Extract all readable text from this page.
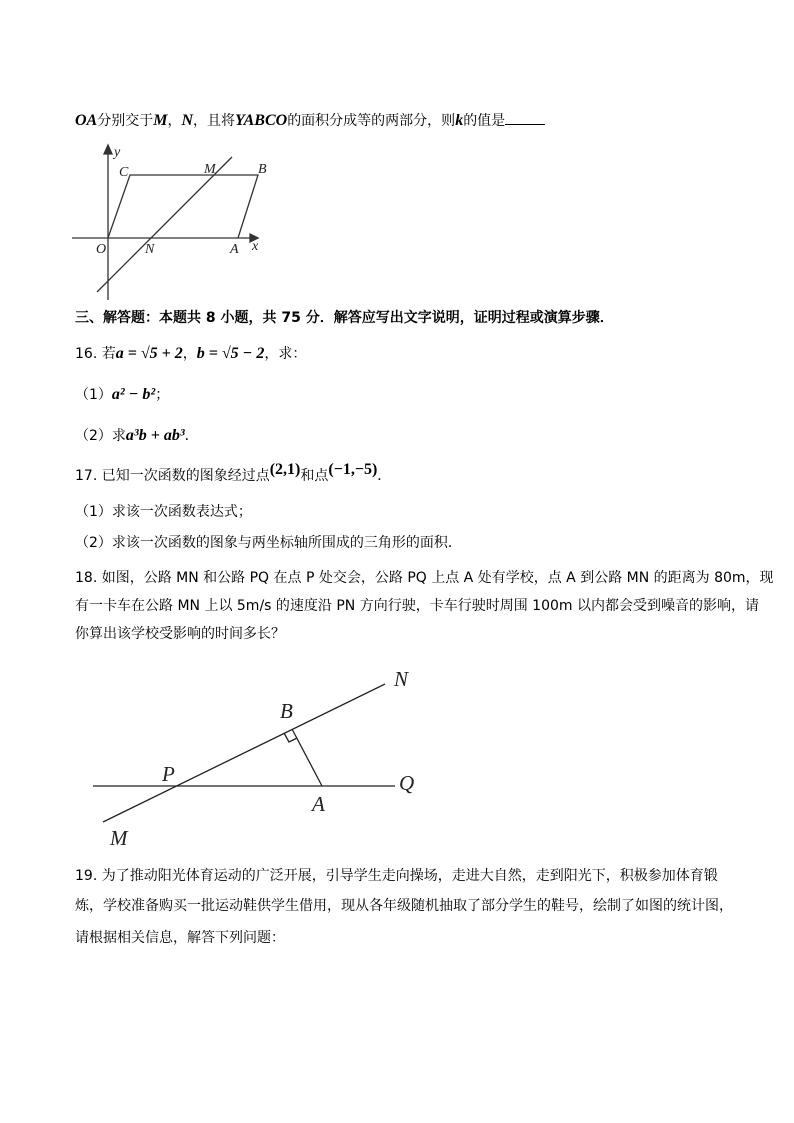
OA分别交于M，N，且将YABCO的面积分成等的两部分，则k的值是
y
C	M	B
O	N	A x
N
B
P	Q
A
M
三、解答题：本题共 8 小题，共 75 分．解答应写出文字说明，证明过程或演算步骤．
16. 若a = √5 + 2，b = √5 − 2，求：
（1）a² − b²；
（2）求a³b + ab³．
17. 已知一次函数的图象经过点(2,1)和点(−1,−5)．
（1）求该一次函数表达式；
（2）求该一次函数的图象与两坐标轴所围成的三角形的面积．
18. 如图，公路 MN 和公路 PQ 在点 P 处交会，公路 PQ 上点 A 处有学校，点 A 到公路 MN 的距离为 80m，现
有一卡车在公路 MN 上以 5m/s 的速度沿 PN 方向行驶，卡车行驶时周围 100m 以内都会受到噪音的影响，请
你算出该学校受影响的时间多长？
19. 为了推动阳光体育运动的广泛开展，引导学生走向操场，走进大自然，走到阳光下，积极参加体育锻
炼，学校准备购买一批运动鞋供学生借用，现从各年级随机抽取了部分学生的鞋号，绘制了如图的统计图，
请根据相关信息，解答下列问题：
